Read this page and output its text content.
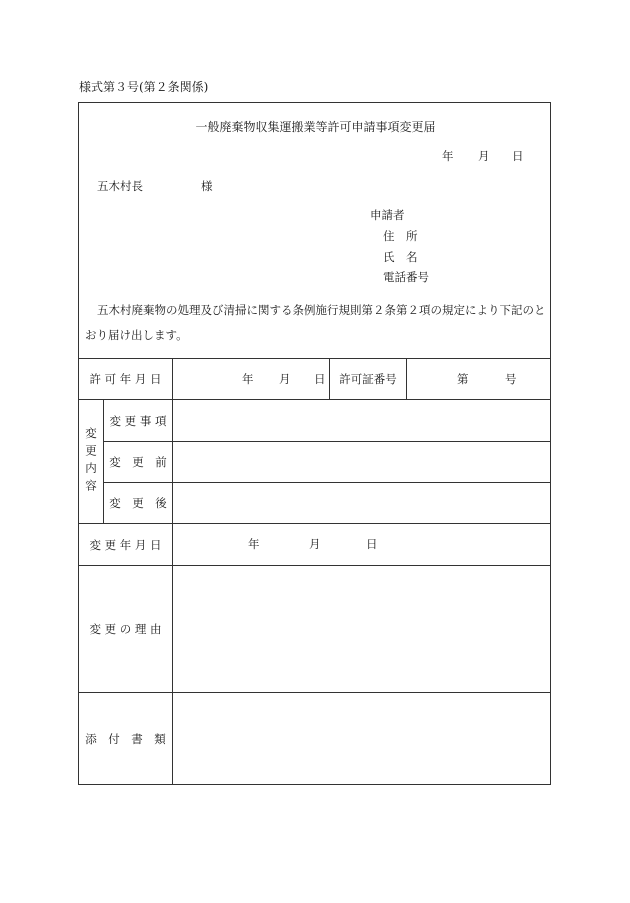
様式第３号(第２条関係)
一般廃棄物収集運搬業等許可申請事項変更届
年 月 日
五木村長	様
申請者
住　所
氏　名
電話番号
五木村廃棄物の処理及び清掃に関する条例施行規則第２条第２項の規定により下記のとおり届け出します。
許 可 年 月 日	年 月 日	許可証番号	第	号
変更内容
変 更 事 項
変　更　前
変　更　後
変 更 年 月 日	年	月	日
変 更 の 理 由
添　付　書　類
